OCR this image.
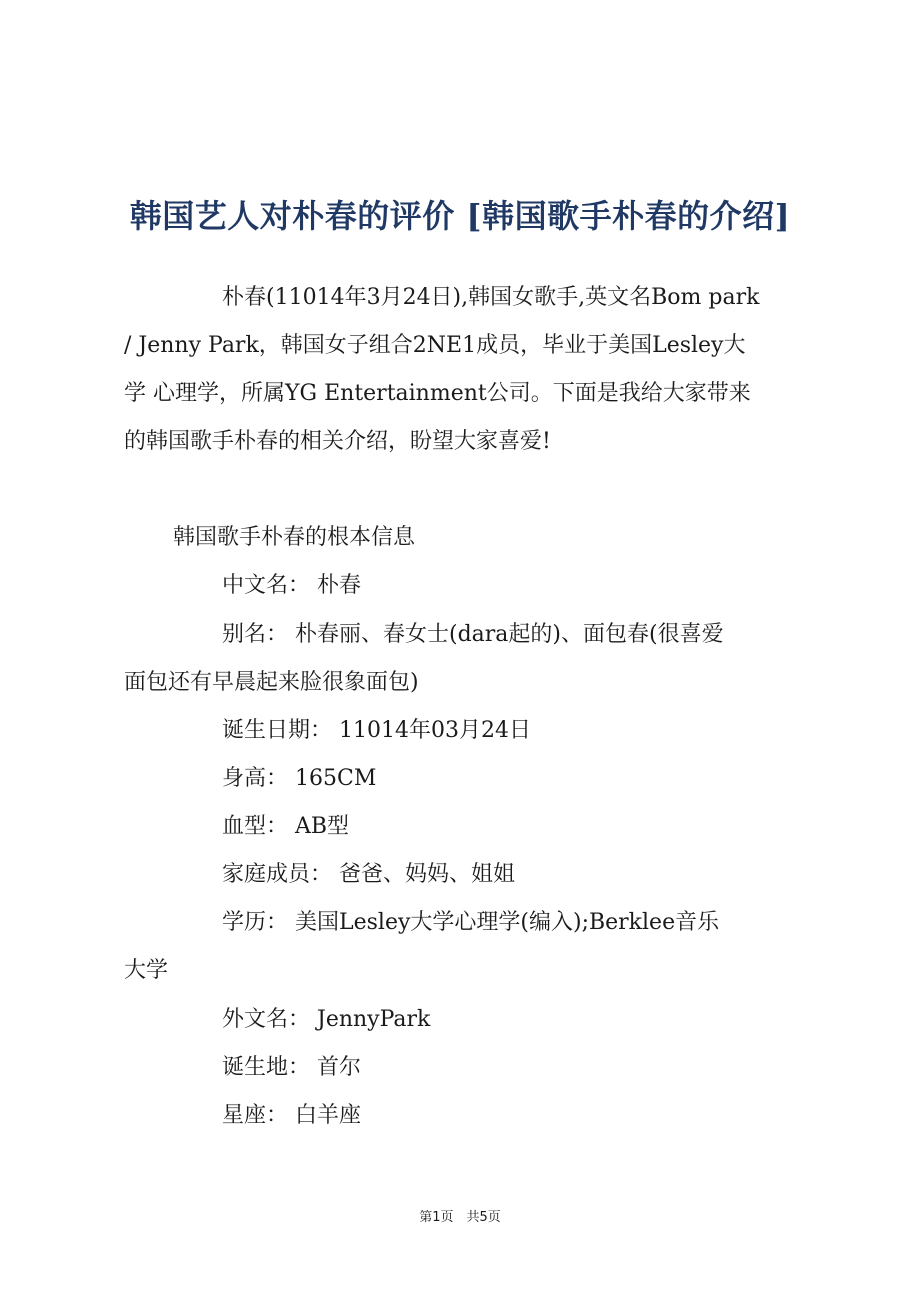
韩国艺人对朴春的评价 [韩国歌手朴春的介绍]
朴春(11014年3月24日),韩国女歌手,英文名Bom park
/ Jenny Park，韩国女子组合2NE1成员，毕业于美国Lesley大
学 心理学，所属YG Entertainment公司。下面是我给大家带来
的韩国歌手朴春的相关介绍，盼望大家喜爱!
韩国歌手朴春的根本信息
中文名： 朴春
别名： 朴春丽、春女士(dara起的)、面包春(很喜爱
面包还有早晨起来脸很象面包)
诞生日期： 11014年03月24日
身高： 165CM
血型： AB型
家庭成员： 爸爸、妈妈、姐姐
学历： 美国Lesley大学心理学(编入);Berklee音乐
大学
外文名： JennyPark
诞生地： 首尔
星座： 白羊座
第1页　共5页
